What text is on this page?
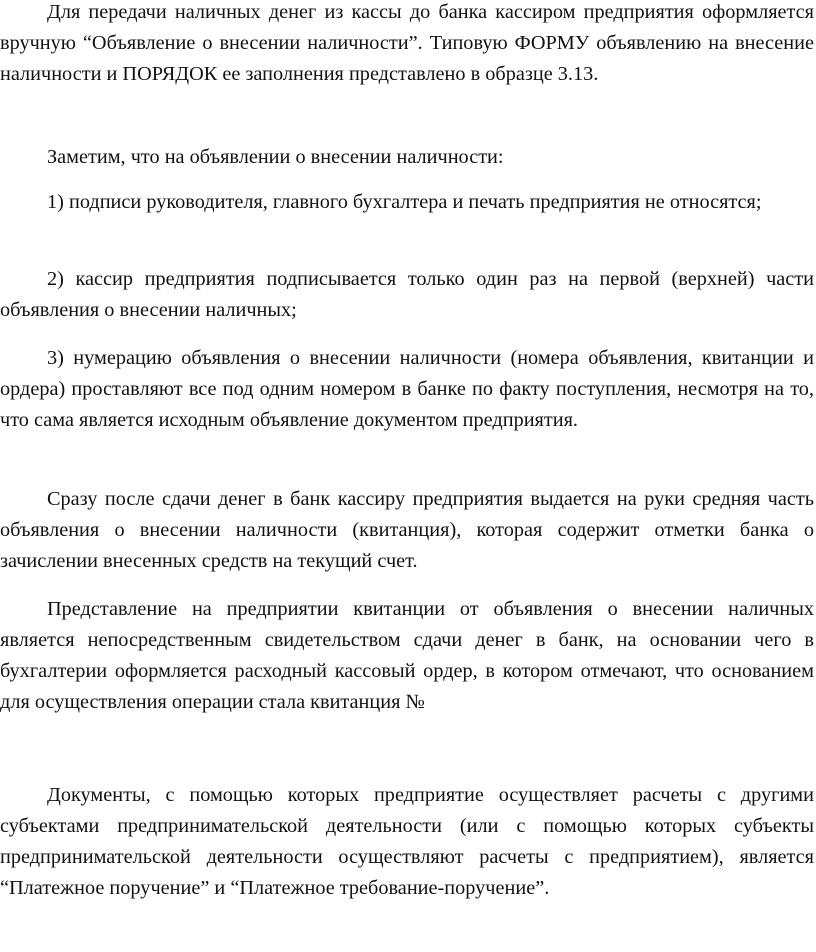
Для передачи наличных денег из кассы до банка кассиром предприятия оформляется вручную “Объявление о внесении наличности”. Типовую ФОРМУ объявлению на внесение наличности и ПОРЯДОК ее заполнения представлено в образце 3.13.

Заметим, что на объявлении о внесении наличности:

1) подписи руководителя, главного бухгалтера и печать предприятия не относятся;

2) кассир предприятия подписывается только один раз на первой (верхней) части объявления о внесении наличных;

3) нумерацию объявления о внесении наличности (номера объявления, квитанции и ордера) проставляют все под одним номером в банке по факту поступления, несмотря на то, что сама является исходным объявление документом предприятия.

Сразу после сдачи денег в банк кассиру предприятия выдается на руки средняя часть объявления о внесении наличности (квитанция), которая содержит отметки банка о зачислении внесенных средств на текущий счет.

Представление на предприятии квитанции от объявления о внесении наличных является непосредственным свидетельством сдачи денег в банк, на основании чего в бухгалтерии оформляется расходный кассовый ордер, в котором отмечают, что основанием для осуществления операции стала квитанция №

Документы, с помощью которых предприятие осуществляет расчеты с другими субъектами предпринимательской деятельности (или с помощью которых субъекты предпринимательской деятельности осуществляют расчеты с предприятием), является “Платежное поручение” и “Платежное требование-поручение”.
